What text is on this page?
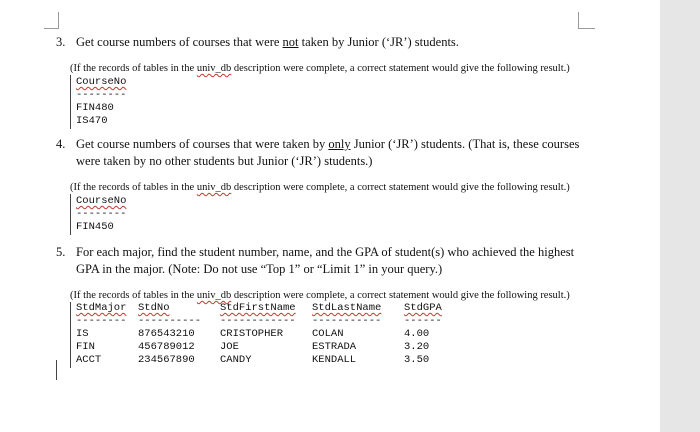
3. Get course numbers of courses that were not taken by Junior (‘JR’) students.
(If the records of tables in the univ_db description were complete, a correct statement would give the following result.)
CourseNo
--------
FIN480
IS470
4. Get course numbers of courses that were taken by only Junior (‘JR’) students. (That is, these courses were taken by no other students but Junior (‘JR’) students.)
(If the records of tables in the univ_db description were complete, a correct statement would give the following result.)
CourseNo
--------
FIN450
5. For each major, find the student number, name, and the GPA of student(s) who achieved the highest GPA in the major. (Note: Do not use “Top 1” or “Limit 1” in your query.)
(If the records of tables in the univ_db description were complete, a correct statement would give the following result.)
StdMajor	StdNo	StdFirstName	StdLastName	StdGPA
--------	----------	------------	-----------	------
IS	876543210	CRISTOPHER	COLAN	4.00
FIN	456789012	JOE	ESTRADA	3.20
ACCT	234567890	CANDY	KENDALL	3.50
